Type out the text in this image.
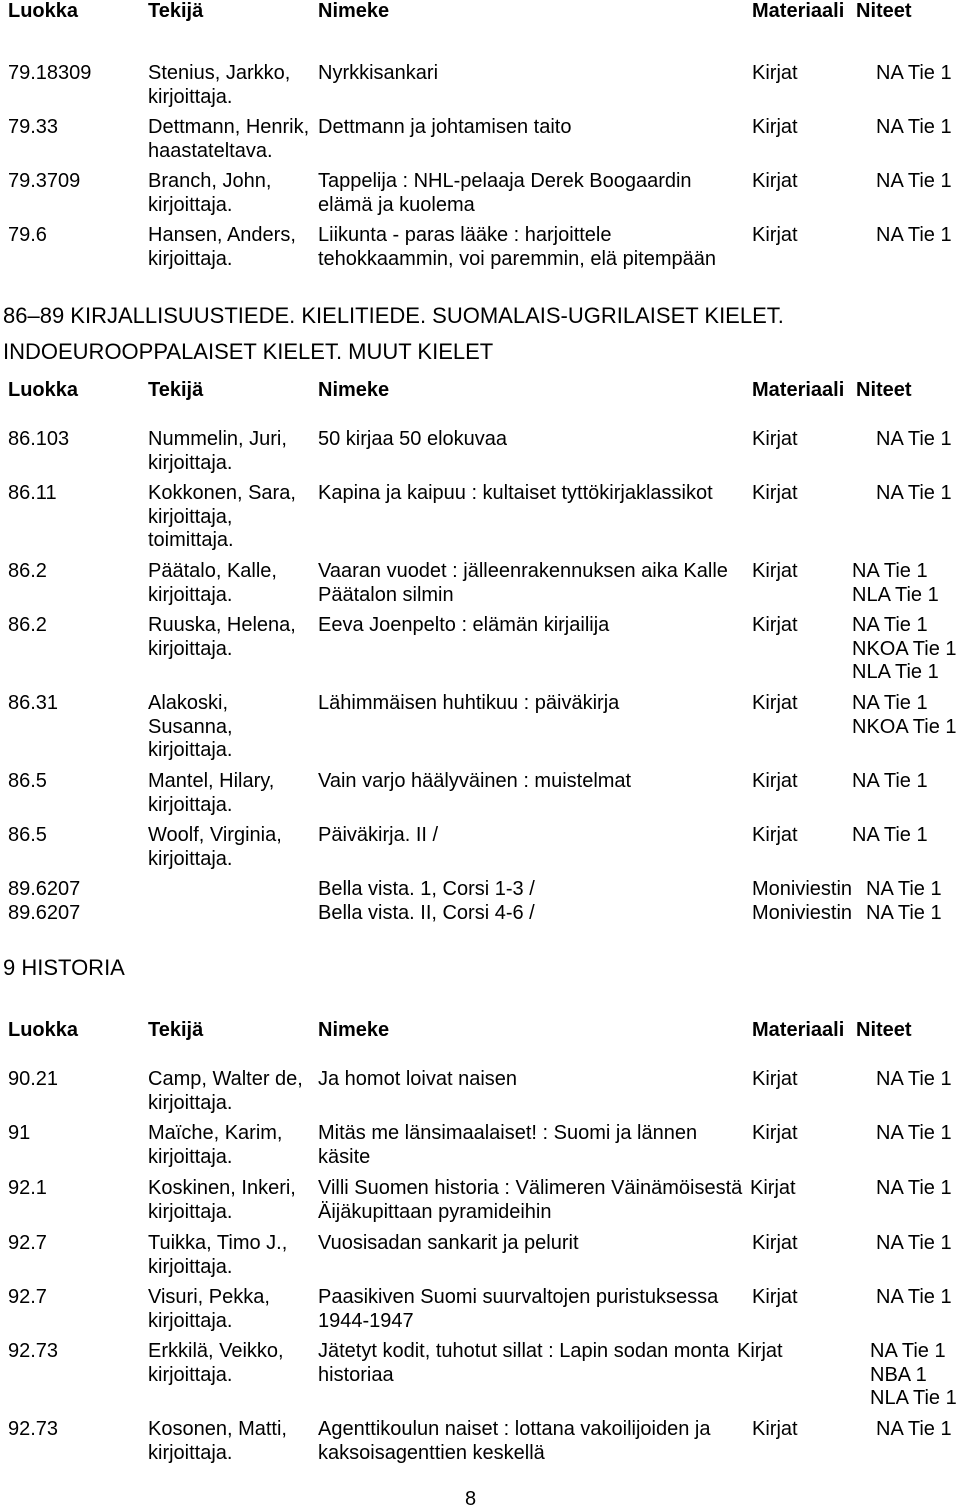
Luokka	Tekijä	Nimeke	Materiaali Niteet
79.18309	Stenius, Jarkko,
kirjoittaja.
Nyrkkisankari	Kirjat	NA Tie 1
79.33	Dettmann, Henrik,
haastateltava.
Dettmann ja johtamisen taito	Kirjat	NA Tie 1
79.3709	Branch, John,
kirjoittaja.
Tappelija : NHL-pelaaja Derek Boogaardin
elämä ja kuolema
Kirjat	NA Tie 1
79.6	Hansen, Anders,
kirjoittaja.
Liikunta - paras lääke : harjoittele
tehokkaammin, voi paremmin, elä pitempään
Kirjat	NA Tie 1
86–89 KIRJALLISUUSTIEDE. KIELITIEDE. SUOMALAIS-UGRILAISET KIELET.
INDOEUROOPPALAISET KIELET. MUUT KIELET
Luokka	Tekijä	Nimeke	Materiaali Niteet
86.103	Nummelin, Juri,
kirjoittaja.
50 kirjaa 50 elokuvaa	Kirjat	NA Tie 1
86.11	Kokkonen, Sara,
kirjoittaja,
toimittaja.
Kapina ja kaipuu : kultaiset tyttökirjaklassikot Kirjat	NA Tie 1
86.2	Päätalo, Kalle,
kirjoittaja.
Vaaran vuodet : jälleenrakennuksen aika Kalle
Päätalon silmin
Kirjat	NA Tie 1
NLA Tie 1
86.2	Ruuska, Helena,
kirjoittaja.
Eeva Joenpelto : elämän kirjailija	Kirjat	NA Tie 1
NKOA Tie 1
NLA Tie 1
86.31	Alakoski,
Susanna,
kirjoittaja.
Lähimmäisen huhtikuu : päiväkirja	Kirjat	NA Tie 1
NKOA Tie 1
86.5	Mantel, Hilary,
kirjoittaja.
Vain varjo häälyväinen : muistelmat	Kirjat	NA Tie 1
86.5	Woolf, Virginia,
kirjoittaja.
Päiväkirja. II /	Kirjat	NA Tie 1
89.6207	Bella vista. 1, Corsi 1-3 /	Moniviestin NA Tie 1
89.6207	Bella vista. II, Corsi 4-6 /	Moniviestin NA Tie 1
9 HISTORIA
Luokka	Tekijä	Nimeke	Materiaali Niteet
90.21	Camp, Walter de,
kirjoittaja.
Ja homot loivat naisen	Kirjat	NA Tie 1
91	Maïche, Karim,
kirjoittaja.
Mitäs me länsimaalaiset! : Suomi ja lännen
käsite
Kirjat	NA Tie 1
92.1	Koskinen, Inkeri,
kirjoittaja.
Villi Suomen historia : Välimeren Väinämöisestä
Äijäkupittaan pyramideihin
Kirjat	NA Tie 1
92.7	Tuikka, Timo J.,
kirjoittaja.
Vuosisadan sankarit ja pelurit	Kirjat	NA Tie 1
92.7	Visuri, Pekka,
kirjoittaja.
Paasikiven Suomi suurvaltojen puristuksessa
1944-1947
Kirjat	NA Tie 1
92.73	Erkkilä, Veikko,
kirjoittaja.
Jätetyt kodit, tuhotut sillat : Lapin sodan monta
historiaa
Kirjat	NA Tie 1
NBA 1
NLA Tie 1
92.73	Kosonen, Matti,
kirjoittaja.
Agenttikoulun naiset : lottana vakoilijoiden ja
kaksoisagenttien keskellä
Kirjat	NA Tie 1
8
